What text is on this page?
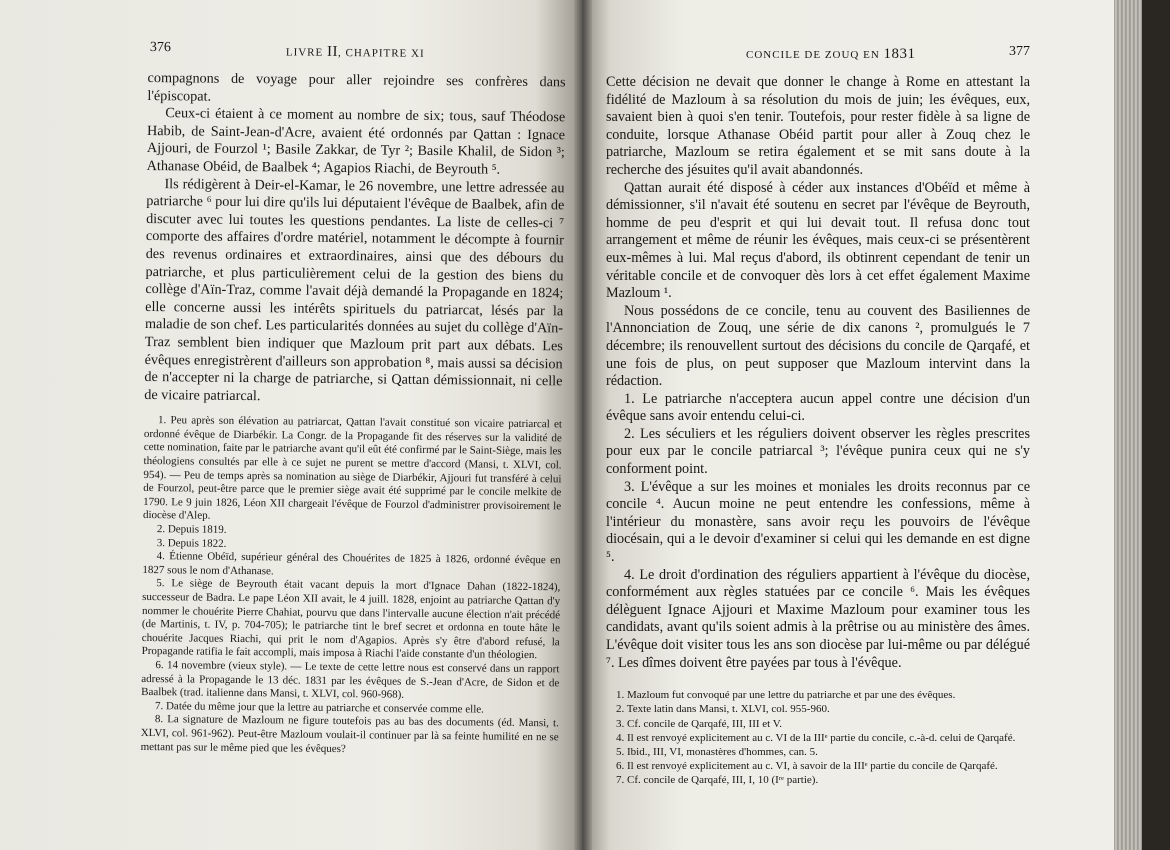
376	LIVRE II, CHAPITRE XI

compagnons de voyage pour aller rejoindre ses confrères dans l'épiscopat.

Ceux-ci étaient à ce moment au nombre de six; tous, sauf Théodose Habib, de Saint-Jean-d'Acre, avaient été ordonnés par Qattan : Ignace Ajjouri, de Fourzol ¹; Basile Zakkar, de Tyr ²; Basile Khalil, de Sidon ³; Athanase Obéid, de Baalbek ⁴; Agapios Riachi, de Beyrouth ⁵.

Ils rédigèrent à Deir-el-Kamar, le 26 novembre, une lettre adressée au patriarche ⁶ pour lui dire qu'ils lui députaient l'évêque de Baalbek, afin de discuter avec lui toutes les questions pendantes. La liste de celles-ci ⁷ comporte des affaires d'ordre matériel, notamment le décompte à fournir des revenus ordinaires et extraordinaires, ainsi que des débours du patriarche, et plus particulièrement celui de la gestion des biens du collège d'Aïn-Traz, comme l'avait déjà demandé la Propagande en 1824; elle concerne aussi les intérêts spirituels du patriarcat, lésés par la maladie de son chef. Les particularités données au sujet du collège d'Aïn-Traz semblent bien indiquer que Mazloum prit part aux débats. Les évêques enregistrèrent d'ailleurs son approbation ⁸, mais aussi sa décision de n'accepter ni la charge de patriarche, si Qattan démissionnait, ni celle de vicaire patriarcal.

1. Peu après son élévation au patriarcat, Qattan l'avait constitué son vicaire patriarcal et ordonné évêque de Diarbékir. La Congr. de la Propagande fit des réserves sur la validité de cette nomination, faite par le patriarche avant qu'il eût été confirmé par le Saint-Siège, mais les théologiens consultés par elle à ce sujet ne purent se mettre d'accord (Mansi, t. XLVI, col. 954). — Peu de temps après sa nomination au siège de Diarbékir, Ajjouri fut transféré à celui de Fourzol, peut-être parce que le premier siège avait été supprimé par le concile melkite de 1790. Le 9 juin 1826, Léon XII chargeait l'évêque de Fourzol d'administrer provisoirement le diocèse d'Alep.

2. Depuis 1819.

3. Depuis 1822.

4. Étienne Obéïd, supérieur général des Chouérites de 1825 à 1826, ordonné évêque en 1827 sous le nom d'Athanase.

5. Le siège de Beyrouth était vacant depuis la mort d'Ignace Dahan (1822-1824), successeur de Badra. Le pape Léon XII avait, le 4 juill. 1828, enjoint au patriarche Qattan d'y nommer le chouérite Pierre Chahiat, pourvu que dans l'intervalle aucune élection n'ait précédé (de Martinis, t. IV, p. 704-705); le patriarche tint le bref secret et ordonna en toute hâte le chouérite Jacques Riachi, qui prit le nom d'Agapios. Après s'y être d'abord refusé, la Propagande ratifia le fait accompli, mais imposa à Riachi l'aide constante d'un théologien.

6. 14 novembre (vieux style). — Le texte de cette lettre nous est conservé dans un rapport adressé à la Propagande le 13 déc. 1831 par les évêques de S.-Jean d'Acre, de Sidon et de Baalbek (trad. italienne dans Mansi, t. XLVI, col. 960-968).

7. Datée du même jour que la lettre au patriarche et conservée comme elle.

8. La signature de Mazloum ne figure toutefois pas au bas des documents (éd. Mansi, t. XLVI, col. 961-962). Peut-être Mazloum voulait-il continuer par là sa feinte humilité en ne se mettant pas sur le même pied que les évêques?

CONCILE DE ZOUQ EN 1831	377

Cette décision ne devait que donner le change à Rome en attestant la fidélité de Mazloum à sa résolution du mois de juin; les évêques, eux, savaient bien à quoi s'en tenir. Toutefois, pour rester fidèle à sa ligne de conduite, lorsque Athanase Obéid partit pour aller à Zouq chez le patriarche, Mazloum se retira également et se mit sans doute à la recherche des jésuites qu'il avait abandonnés.

Qattan aurait été disposé à céder aux instances d'Obéïd et même à démissionner, s'il n'avait été soutenu en secret par l'évêque de Beyrouth, homme de peu d'esprit et qui lui devait tout. Il refusa donc tout arrangement et même de réunir les évêques, mais ceux-ci se présentèrent eux-mêmes à lui. Mal reçus d'abord, ils obtinrent cependant de tenir un véritable concile et de convoquer dès lors à cet effet également Maxime Mazloum ¹.

Nous possédons de ce concile, tenu au couvent des Basiliennes de l'Annonciation de Zouq, une série de dix canons ², promulgués le 7 décembre; ils renouvellent surtout des décisions du concile de Qarqafé, et une fois de plus, on peut supposer que Mazloum intervint dans la rédaction.

1. Le patriarche n'acceptera aucun appel contre une décision d'un évêque sans avoir entendu celui-ci.

2. Les séculiers et les réguliers doivent observer les règles prescrites pour eux par le concile patriarcal ³; l'évêque punira ceux qui ne s'y conforment point.

3. L'évêque a sur les moines et moniales les droits reconnus par ce concile ⁴. Aucun moine ne peut entendre les confessions, même à l'intérieur du monastère, sans avoir reçu les pouvoirs de l'évêque diocésain, qui a le devoir d'examiner si celui qui les demande en est digne ⁵.

4. Le droit d'ordination des réguliers appartient à l'évêque du diocèse, conformément aux règles statuées par ce concile ⁶. Mais les évêques délèguent Ignace Ajjouri et Maxime Mazloum pour examiner tous les candidats, avant qu'ils soient admis à la prêtrise ou au ministère des âmes. L'évêque doit visiter tous les ans son diocèse par lui-même ou par délégué ⁷. Les dîmes doivent être payées par tous à l'évêque.

1. Mazloum fut convoqué par une lettre du patriarche et par une des évêques.

2. Texte latin dans Mansi, t. XLVI, col. 955-960.

3. Cf. concile de Qarqafé, III, III et V.

4. Il est renvoyé explicitement au c. VI de la IIIᵉ partie du concile, c.-à-d. celui de Qarqafé.

5. Ibid., III, VI, monastères d'hommes, can. 5.

6. Il est renvoyé explicitement au c. VI, à savoir de la IIIᵉ partie du concile de Qarqafé.

7. Cf. concile de Qarqafé, III, I, 10 (Iʳᵉ partie).
